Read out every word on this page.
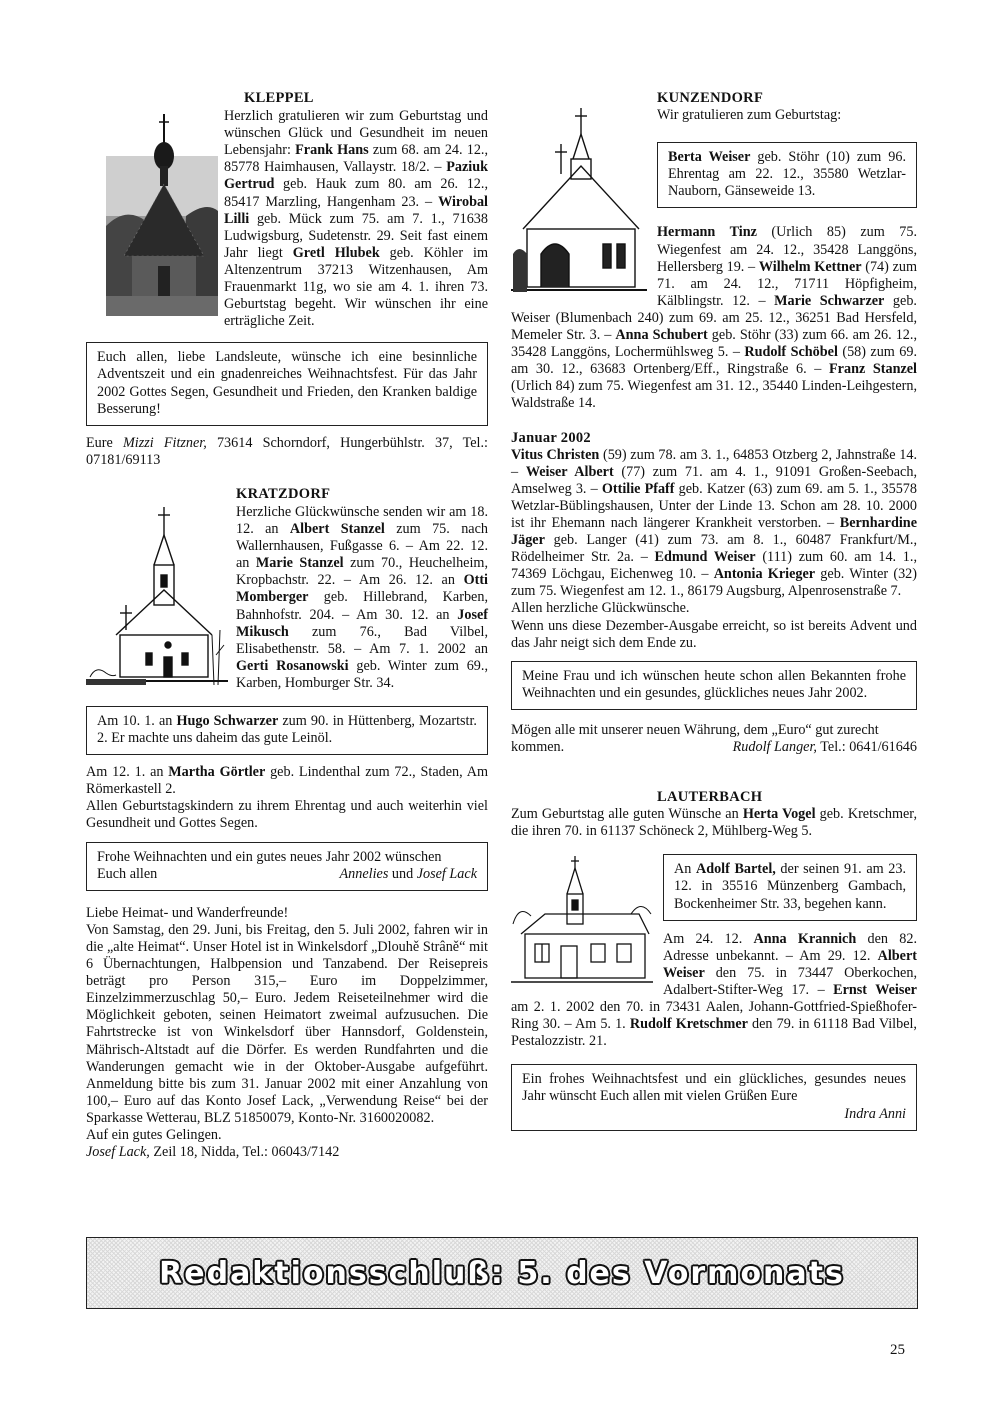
KLEPPEL

Herzlich gratulieren wir zum Geburtstag und wünschen Glück und Gesundheit im neuen Lebensjahr: Frank Hans zum 68. am 24. 12., 85778 Haimhausen, Vallaystr. 18/2. – Paziuk Gertrud geb. Hauk zum 80. am 26. 12., 85417 Marzling, Hangenham 23. – Wirobal Lilli geb. Mück zum 75. am 7. 1., 71638 Ludwigsburg, Sudetenstr. 29. Seit fast einem Jahr liegt Gretl Hlubek geb. Köhler im Altenzentrum 37213 Witzenhausen, Am Frauenmarkt 11g, wo sie am 4. 1. ihren 73. Geburtstag begeht. Wir wünschen ihr eine erträgliche Zeit.

Euch allen, liebe Landsleute, wünsche ich eine besinnliche Adventszeit und ein gnadenreiches Weihnachtsfest. Für das Jahr 2002 Gottes Segen, Gesundheit und Frieden, den Kranken baldige Besserung!

Eure Mizzi Fitzner, 73614 Schorndorf, Hungerbühlstr. 37, Tel.: 07181/69113

KRATZDORF

Herzliche Glückwünsche senden wir am 18. 12. an Albert Stanzel zum 75. nach Wallernhausen, Fußgasse 6. – Am 22. 12. an Marie Stanzel zum 70., Heuchelheim, Kropbachstr. 22. – Am 26. 12. an Otti Momberger geb. Hillebrand, Karben, Bahnhofstr. 204. – Am 30. 12. an Josef Mikusch zum 76., Bad Vilbel, Elisabethenstr. 58. – Am 7. 1. 2002 an Gerti Rosanowski geb. Winter zum 69., Karben, Homburger Str. 34.

Am 10. 1. an Hugo Schwarzer zum 90. in Hüttenberg, Mozartstr. 2. Er machte uns daheim das gute Leinöl.

Am 12. 1. an Martha Görtler geb. Lindenthal zum 72., Staden, Am Römerkastell 2.

Allen Geburtstagskindern zu ihrem Ehrentag und auch weiterhin viel Gesundheit und Gottes Segen.

Frohe Weihnachten und ein gutes neues Jahr 2002 wünschen

Euch allen	Annelies und Josef Lack

Liebe Heimat- und Wanderfreunde!

Von Samstag, den 29. Juni, bis Freitag, den 5. Juli 2002, fahren wir in die „alte Heimat“. Unser Hotel ist in Winkelsdorf „Dlouhě Strâně“ mit 6 Übernachtungen, Halbpension und Tanzabend. Der Reisepreis beträgt pro Person 315,– Euro im Doppelzimmer, Einzelzimmerzuschlag 50,– Euro. Jedem Reiseteilnehmer wird die Möglichkeit geboten, seinen Heimatort zweimal aufzusuchen. Die Fahrtstrecke ist von Winkelsdorf über Hannsdorf, Goldenstein, Mährisch-Altstadt auf die Dörfer. Es werden Rundfahrten und die Wanderungen gemacht wie in der Oktober-Ausgabe aufgeführt. Anmeldung bitte bis zum 31. Januar 2002 mit einer Anzahlung von 100,– Euro auf das Konto Josef Lack, „Verwendung Reise“ bei der Sparkasse Wetterau, BLZ 51850079, Konto-Nr. 3160020082.

Auf ein gutes Gelingen.

Josef Lack, Zeil 18, Nidda, Tel.: 06043/7142

KUNZENDORF

Wir gratulieren zum Geburtstag:

Berta Weiser geb. Stöhr (10) zum 96. Ehrentag am 22. 12., 35580 Wetzlar-Nauborn, Gänseweide 13.

Hermann Tinz (Urlich 85) zum 75. Wiegenfest am 24. 12., 35428 Langgöns, Hellersberg 19. – Wilhelm Kettner (74) zum 71. am 24. 12., 71711 Höpfigheim, Kälblingstr. 12. – Marie Schwarzer geb. Weiser (Blumenbach 240) zum 69. am 25. 12., 36251 Bad Hersfeld, Memeler Str. 3. – Anna Schubert geb. Stöhr (33) zum 66. am 26. 12., 35428 Langgöns, Lochermühlsweg 5. – Rudolf Schöbel (58) zum 69. am 30. 12., 63683 Ortenberg/Eff., Ringstraße 6. – Franz Stanzel (Urlich 84) zum 75. Wiegenfest am 31. 12., 35440 Linden-Leihgestern, Waldstraße 14.

Januar 2002

Vitus Christen (59) zum 78. am 3. 1., 64853 Otzberg 2, Jahnstraße 14. – Weiser Albert (77) zum 71. am 4. 1., 91091 Großen-Seebach, Amselweg 3. – Ottilie Pfaff geb. Katzer (63) zum 69. am 5. 1., 35578 Wetzlar-Büblingshausen, Unter der Linde 13. Schon am 28. 10. 2000 ist ihr Ehemann nach längerer Krankheit verstorben. – Bernhardine Jäger geb. Langer (41) zum 73. am 8. 1., 60487 Frankfurt/M., Rödelheimer Str. 2a. – Edmund Weiser (111) zum 60. am 14. 1., 74369 Löchgau, Eichenweg 10. – Antonia Krieger geb. Winter (32) zum 75. Wiegenfest am 12. 1., 86179 Augsburg, Alpenrosenstraße 7.

Allen herzliche Glückwünsche.

Wenn uns diese Dezember-Ausgabe erreicht, so ist bereits Advent und das Jahr neigt sich dem Ende zu.

Meine Frau und ich wünschen heute schon allen Bekannten frohe Weihnachten und ein gesundes, glückliches neues Jahr 2002.

Mögen alle mit unserer neuen Währung, dem „Euro“ gut zurecht

kommen.	Rudolf Langer, Tel.: 0641/61646
LAUTERBACH

Zum Geburtstag alle guten Wünsche an Herta Vogel geb. Kretschmer, die ihren 70. in 61137 Schöneck 2, Mühlberg-Weg 5.

An Adolf Bartel, der seinen 91. am 23. 12. in 35516 Münzenberg Gambach, Bockenheimer Str. 33, begehen kann.

Am 24. 12. Anna Krannich den 82. Adresse unbekannt. – Am 29. 12. Albert Weiser den 75. in 73447 Oberkochen, Adalbert-Stifter-Weg 17. – Ernst Weiser am 2. 1. 2002 den 70. in 73431 Aalen, Johann-Gottfried-Spießhofer-Ring 30. – Am 5. 1. Rudolf Kretschmer den 79. in 61118 Bad Vilbel, Pestalozzistr. 21.

Ein frohes Weihnachtsfest und ein glückliches, gesundes neues Jahr wünscht Euch allen mit vielen Grüßen Eure

Indra Anni

Redaktionsschluß: 5. des Vormonats
25
